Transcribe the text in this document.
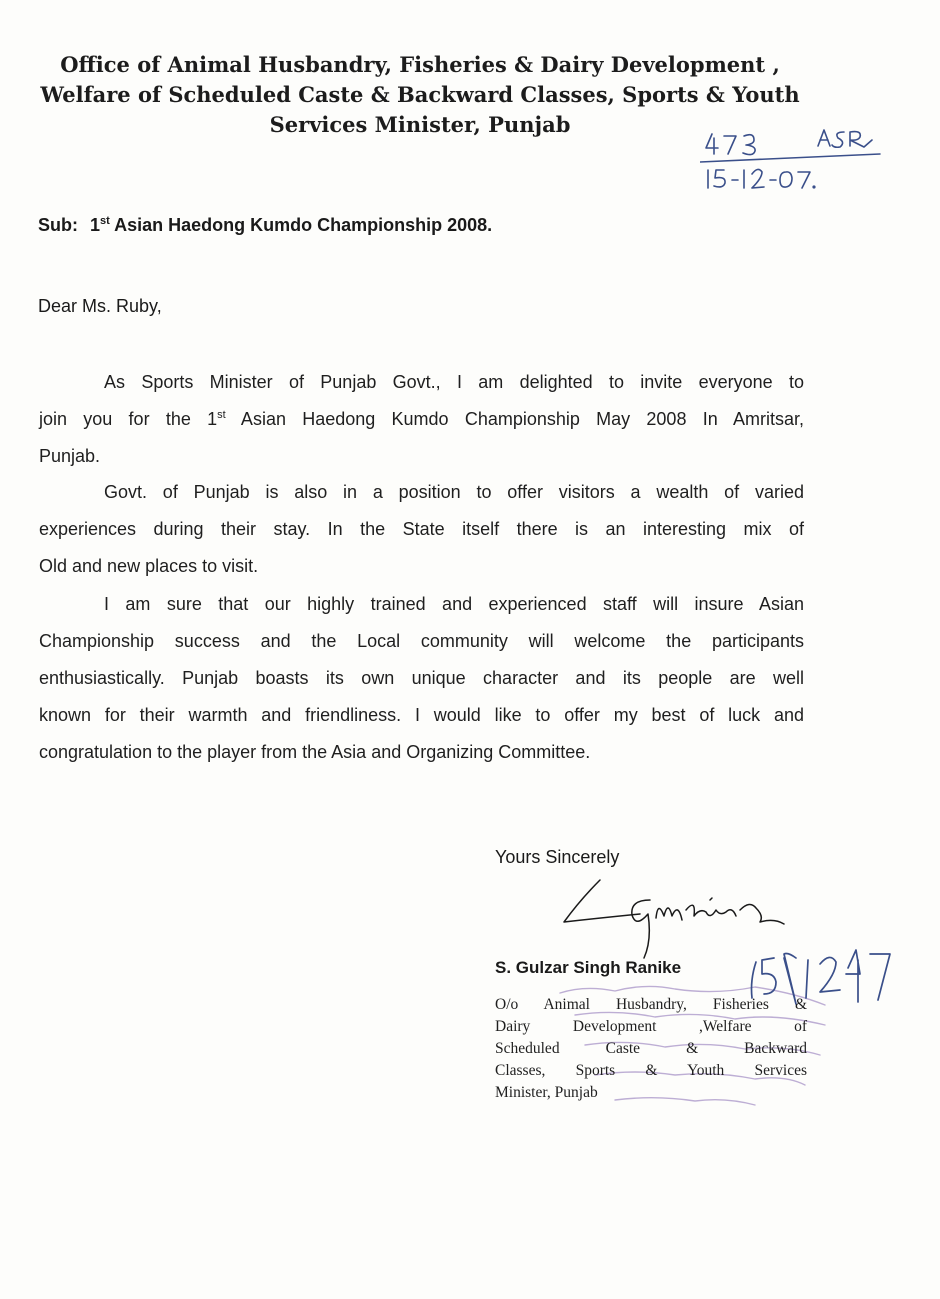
Office of Animal Husbandry, Fisheries & Dairy Development ,
Welfare of Scheduled Caste & Backward Classes, Sports & Youth
Services Minister, Punjab
Sub: 1st Asian Haedong Kumdo Championship 2008.
Dear Ms. Ruby,
As Sports Minister of Punjab Govt., I am delighted to invite everyone to
join you for the 1st Asian Haedong Kumdo Championship May 2008 In Amritsar,
Punjab.
Govt. of Punjab is also in a position to offer visitors a wealth of varied
experiences during their stay. In the State itself there is an interesting mix of
Old and new places to visit.
I am sure that our highly trained and experienced staff will insure Asian
Championship success and the Local community will welcome the participants
enthusiastically. Punjab boasts its own unique character and its people are well
known for their warmth and friendliness. I would like to offer my best of luck and
congratulation to the player from the Asia and Organizing Committee.
Yours Sincerely
S. Gulzar Singh Ranike
O/o Animal Husbandry, Fisheries &
Dairy Development ,Welfare of
Scheduled Caste & Backward
Classes, Sports & Youth Services
Minister, Punjab
